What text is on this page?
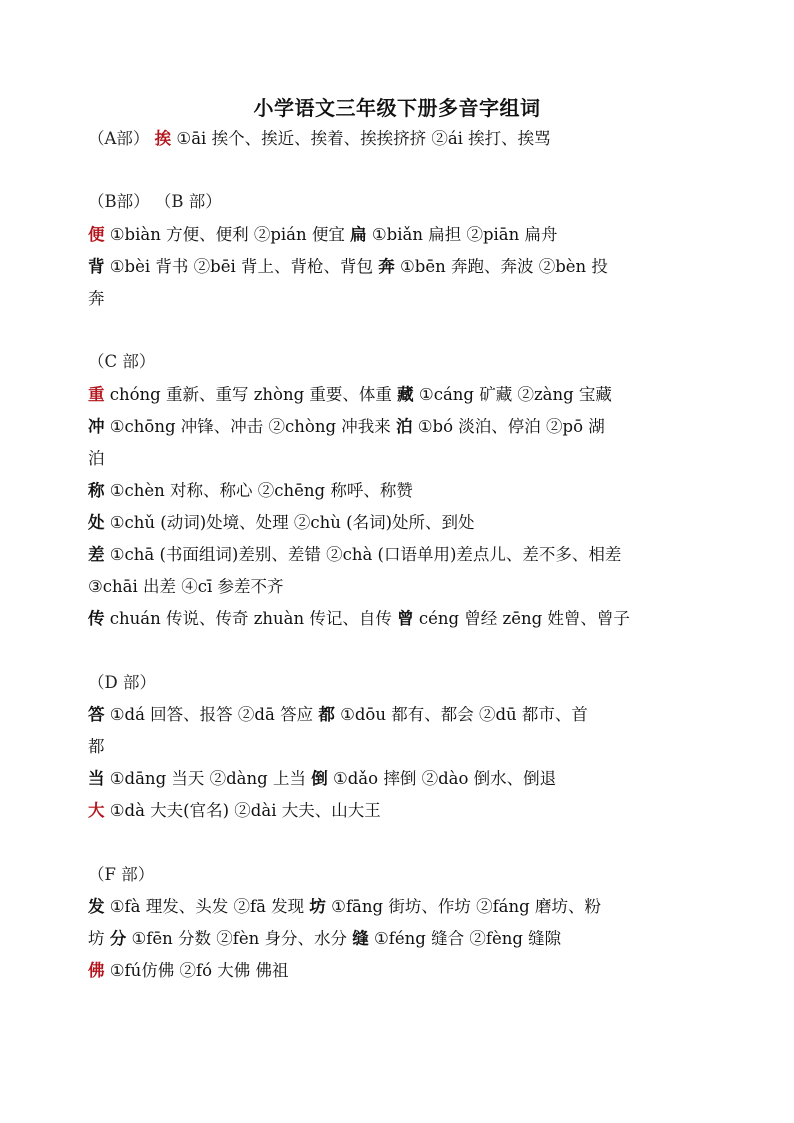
小学语文三年级下册多音字组词
（A部） 挨 ①āi 挨个、挨近、挨着、挨挨挤挤 ②ái 挨打、挨骂
（B部） （B 部）
便 ①biàn 方便、便利 ②pián 便宜 扁 ①biǎn 扁担 ②piān 扁舟
背 ①bèi 背书 ②bēi 背上、背枪、背包 奔 ①bēn 奔跑、奔波 ②bèn 投
奔
（C 部）
重 chóng 重新、重写 zhòng 重要、体重 藏 ①cáng 矿藏 ②zàng 宝藏
冲 ①chōng 冲锋、冲击 ②chòng 冲我来 泊 ①bó 淡泊、停泊 ②pō 湖
泊
称 ①chèn 对称、称心 ②chēng 称呼、称赞
处 ①chǔ (动词)处境、处理 ②chù (名词)处所、到处
差 ①chā (书面组词)差别、差错 ②chà (口语单用)差点儿、差不多、相差
③chāi 出差 ④cī 参差不齐
传 chuán 传说、传奇 zhuàn 传记、自传 曾 céng 曾经 zēng 姓曾、曾子
（D 部）
答 ①dá 回答、报答 ②dā 答应 都 ①dōu 都有、都会 ②dū 都市、首
都
当 ①dāng 当天 ②dàng 上当 倒 ①dǎo 摔倒 ②dào 倒水、倒退
大 ①dà 大夫(官名) ②dài 大夫、山大王
（F 部）
发 ①fà 理发、头发 ②fā 发现 坊 ①fāng 街坊、作坊 ②fáng 磨坊、粉
坊 分 ①fēn 分数 ②fèn 身分、水分 缝 ①féng 缝合 ②fèng 缝隙
佛 ①fú仿佛 ②fó 大佛 佛祖
